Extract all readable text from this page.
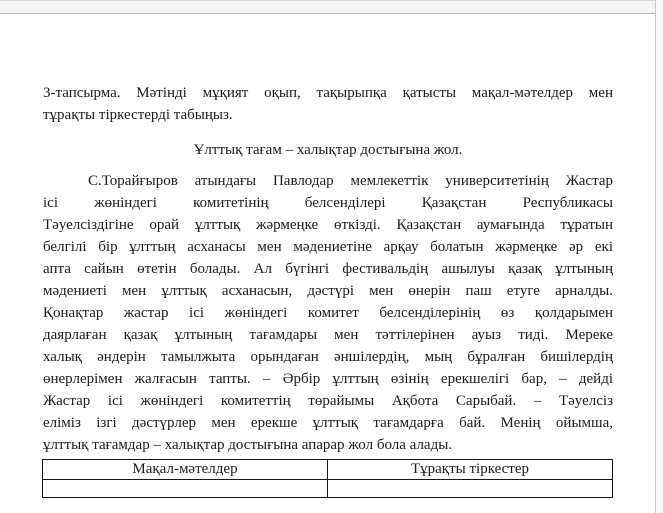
3-тапсырма. Мәтінді мұқият оқып, тақырыпқа қатысты мақал-мәтелдер мен
тұрақты тіркестерді табыңыз.
Ұлттық тағам – халықтар достығына жол.
С.Торайғыров атындағы Павлодар мемлекеттік университетінің Жастар
ісі жөніндегі комитетінің белсенділері Қазақстан Республикасы
Тәуелсіздігіне орай ұлттық жәрмеңке өткізді. Қазақстан аумағында тұратын
белгілі бір ұлттың асханасы мен мәдениетіне арқау болатын жәрмеңке әр екі
апта сайын өтетін болады. Ал бүгінгі фестивальдің ашылуы қазақ ұлтының
мәдениеті мен ұлттық асханасын, дәстүрі мен өнерін паш етуге арналды.
Қонақтар жастар ісі жөніндегі комитет белсенділерінің өз қолдарымен
даярлаған қазақ ұлтының тағамдары мен тәттілерінен ауыз тиді. Мереке
халық әндерін тамылжыта орындаған әншілердің, мың бұралған бишілердің
өнерлерімен жалғасын тапты. – Әрбір ұлттың өзінің ерекшелігі бар, – дейді
Жастар ісі жөніндегі комитеттің төрайымы Ақбота Сарыбай. – Тәуелсіз
еліміз ізгі дәстүрлер мен ерекше ұлттық тағамдарға бай. Менің ойымша,
ұлттық тағамдар – халықтар достығына апарар жол бола алады.
Мақал-мәтелдер	Тұрақты тіркестер
